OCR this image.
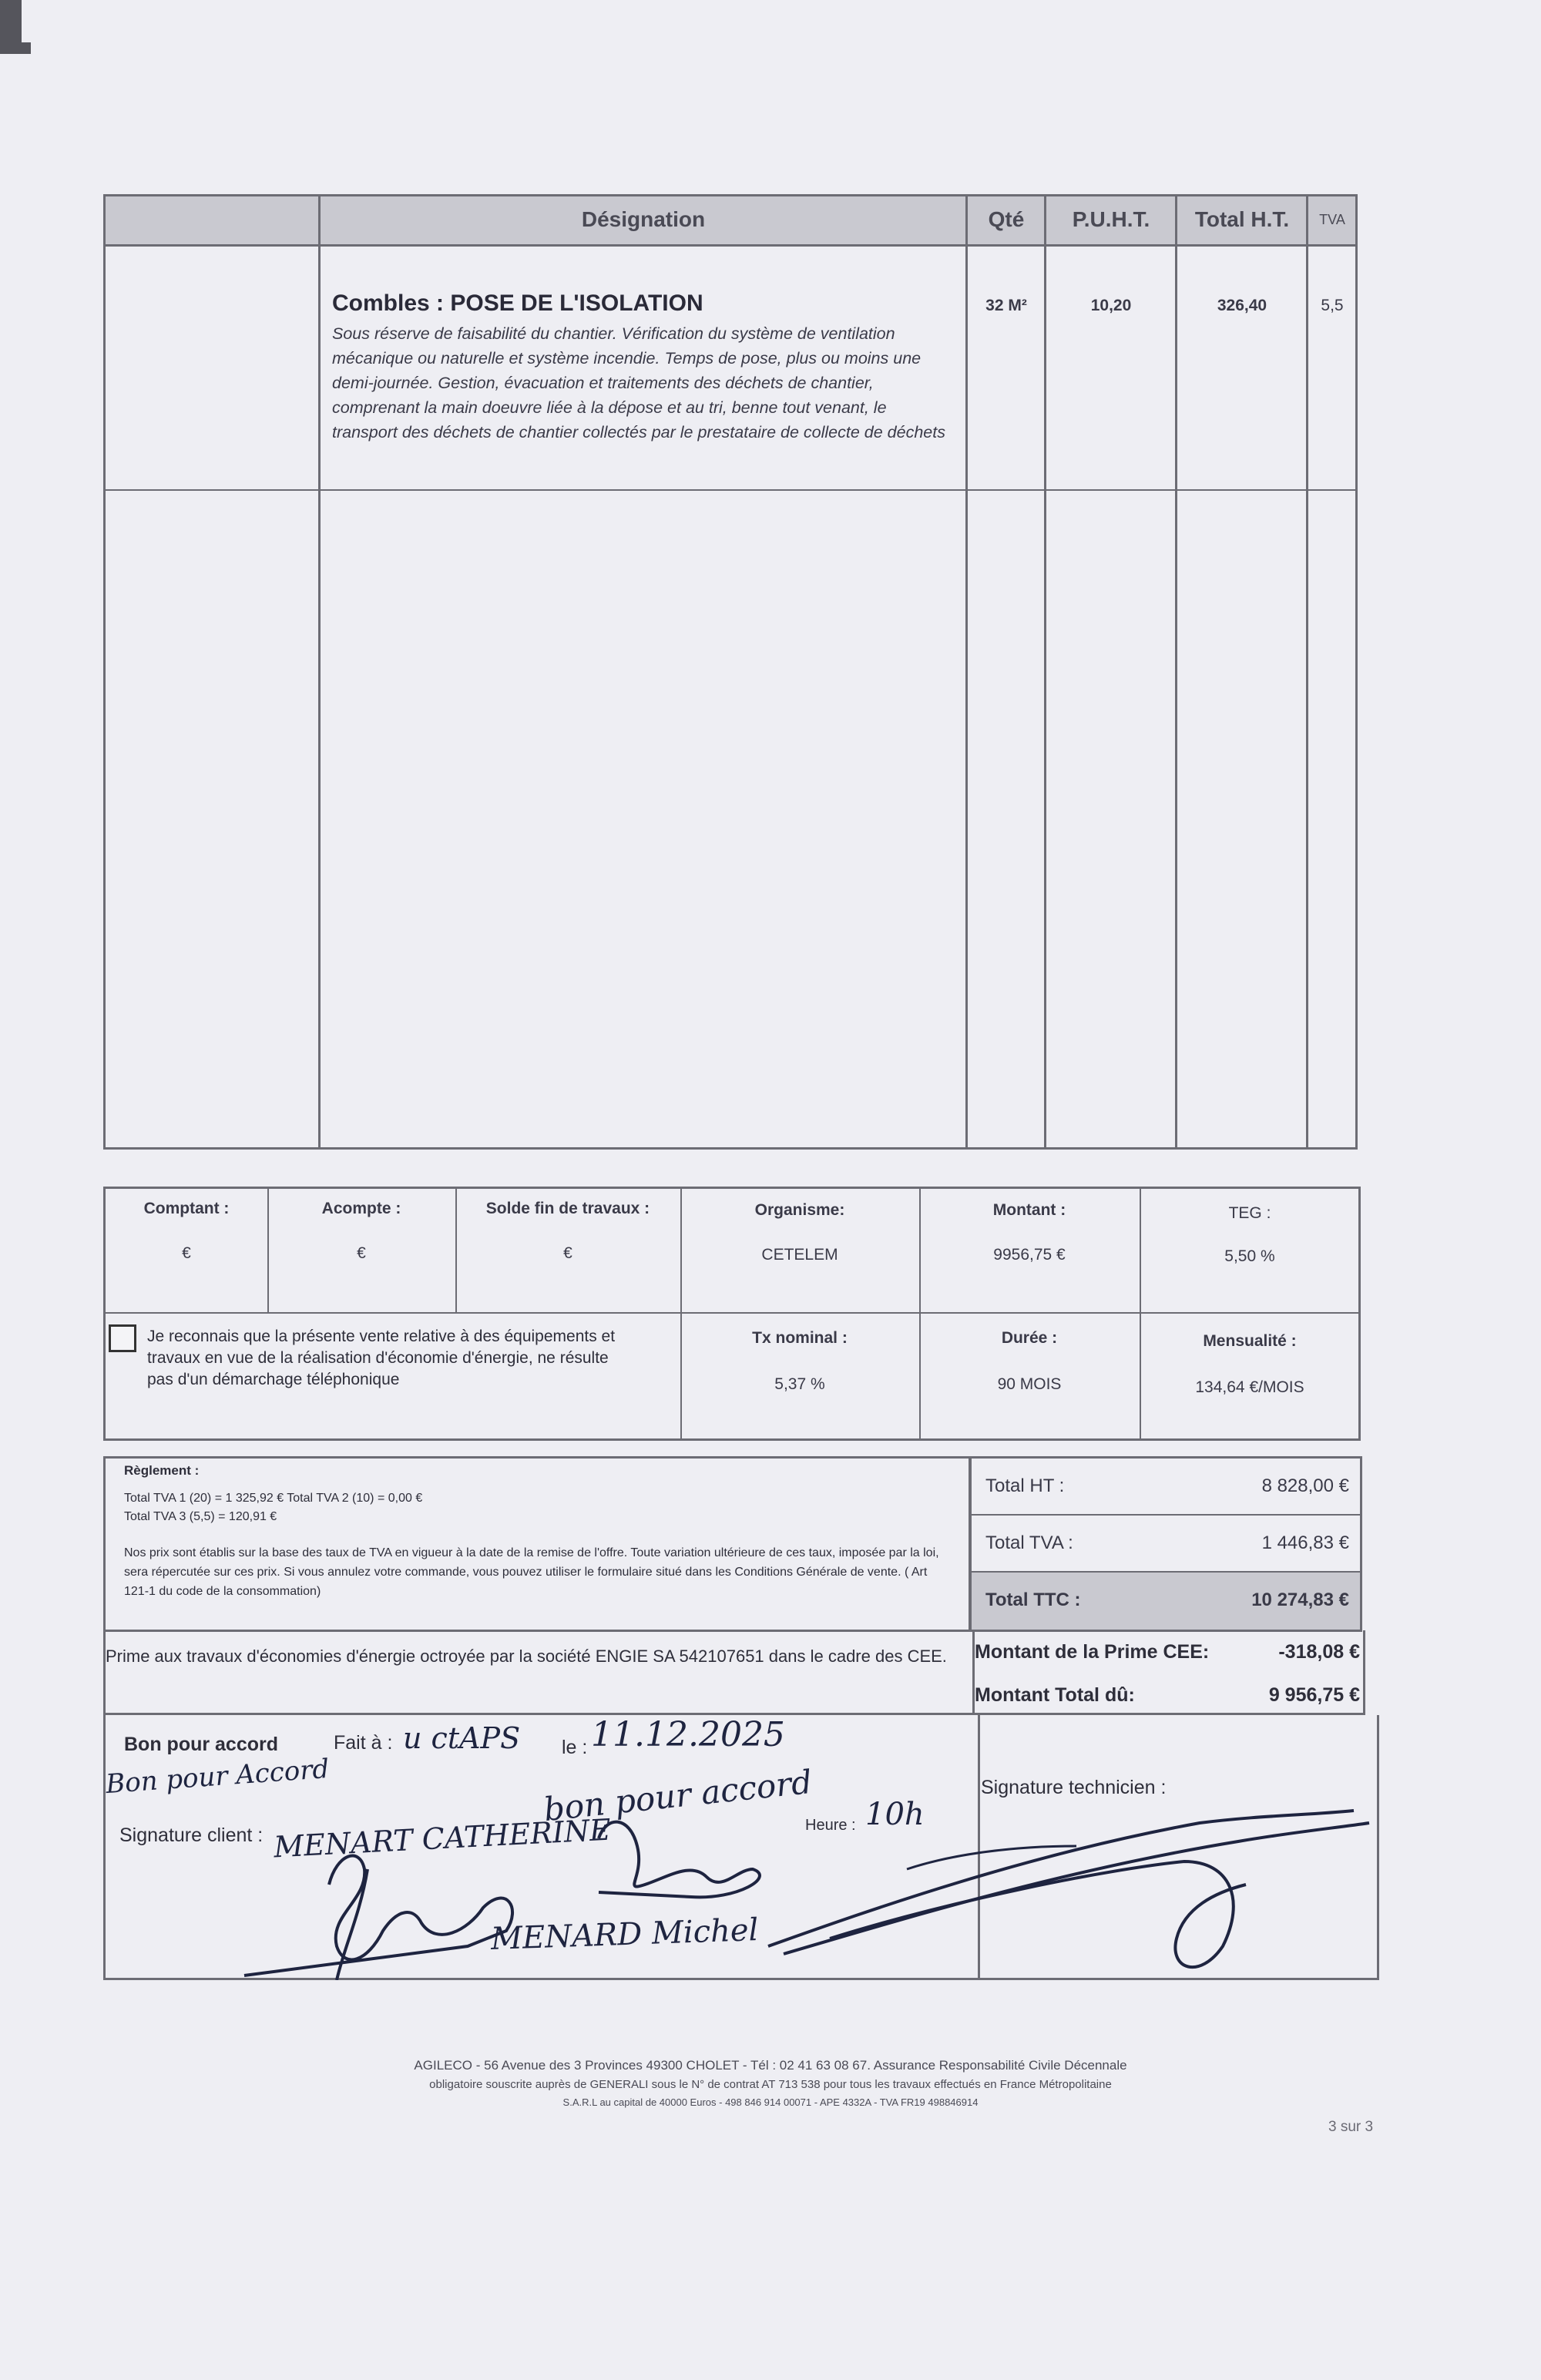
Désignation	Qté	P.U.H.T.	Total H.T.	TVA
Combles : POSE DE L'ISOLATION
Sous réserve de faisabilité du chantier. Vérification du système de ventilation mécanique ou naturelle et système incendie. Temps de pose, plus ou moins une demi-journée. Gestion, évacuation et traitements des déchets de chantier, comprenant la main doeuvre liée à la dépose et au tri, benne tout venant, le transport des déchets de chantier collectés par le prestataire de collecte de déchets
32 M²	10,20	326,40	5,5
Comptant :
€
Acompte :
€
Solde fin de travaux :
€
Organisme:
CETELEM
Montant :
9956,75 €
TEG :
5,50 %
Je reconnais que la présente vente relative à des équipements et travaux en vue de la réalisation d'économie d'énergie, ne résulte pas d'un démarchage téléphonique
Tx nominal :
5,37 %
Durée :
90 MOIS
Mensualité :
134,64 €/MOIS
Règlement :
Total TVA 1 (20) = 1 325,92 € Total TVA 2 (10) = 0,00 €
Total TVA 3 (5,5) = 120,91 €
Nos prix sont établis sur la base des taux de TVA en vigueur à la date de la remise de l'offre. Toute variation ultérieure de ces taux, imposée par la loi, sera répercutée sur ces prix. Si vous annulez votre commande, vous pouvez utiliser le formulaire situé dans les Conditions Générale de vente. ( Art 121-1 du code de la consommation)
Total HT :	8 828,00 €
Total TVA :	1 446,83 €
Total TTC :	10 274,83 €
Prime aux travaux d'économies d'énergie octroyée par la société ENGIE SA 542107651 dans le cadre des CEE.	Montant de la Prime CEE:	-318,08 €
Montant Total dû:	9 956,75 €
Bon pour accord	Fait à : u ctAPS le : 11.12.2025
Bon pour Accord	bon pour accord
Signature client : MENART CATHERINE
MENARD Michel
Heure : 10h
Signature technicien :
AGILECO - 56 Avenue des 3 Provinces 49300 CHOLET - Tél : 02 41 63 08 67. Assurance Responsabilité Civile Décennale
obligatoire souscrite auprès de GENERALI sous le N° de contrat AT 713 538 pour tous les travaux effectués en France Métropolitaine
S.A.R.L au capital de 40000 Euros - 498 846 914 00071 - APE 4332A - TVA FR19 498846914
3 sur 3
